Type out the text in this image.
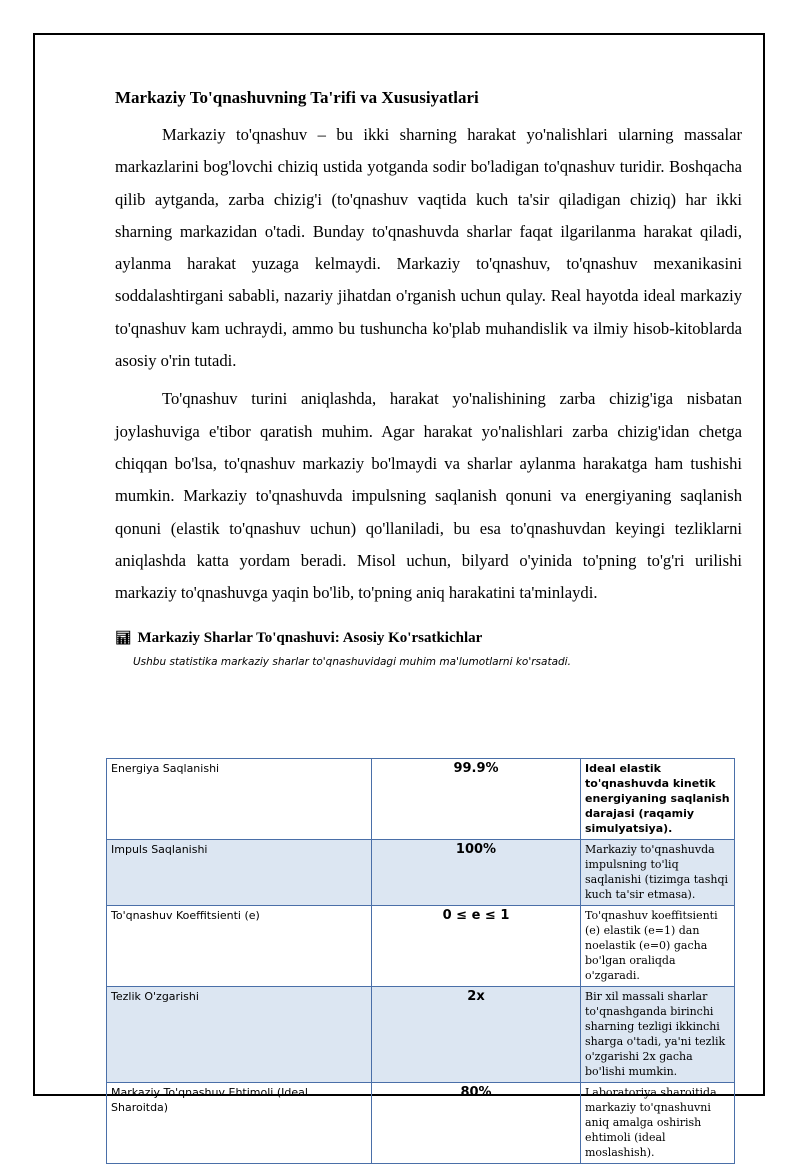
Markaziy To'qnashuvning Ta'rifi va Xususiyatlari

Markaziy to'qnashuv – bu ikki sharning harakat yo'nalishlari ularning massalar markazlarini bog'lovchi chiziq ustida yotganda sodir bo'ladigan to'qnashuv turidir. Boshqacha qilib aytganda, zarba chizig'i (to'qnashuv vaqtida kuch ta'sir qiladigan chiziq) har ikki sharning markazidan o'tadi. Bunday to'qnashuvda sharlar faqat ilgarilanma harakat qiladi, aylanma harakat yuzaga kelmaydi. Markaziy to'qnashuv, to'qnashuv mexanikasini soddalashtirgani sababli, nazariy jihatdan o'rganish uchun qulay. Real hayotda ideal markaziy to'qnashuv kam uchraydi, ammo bu tushuncha ko'plab muhandislik va ilmiy hisob-kitoblarda asosiy o'rin tutadi.

To'qnashuv turini aniqlashda, harakat yo'nalishining zarba chizig'iga nisbatan joylashuviga e'tibor qaratish muhim. Agar harakat yo'nalishlari zarba chizig'idan chetga chiqqan bo'lsa, to'qnashuv markaziy bo'lmaydi va sharlar aylanma harakatga ham tushishi mumkin. Markaziy to'qnashuvda impulsning saqlanish qonuni va energiyaning saqlanish qonuni (elastik to'qnashuv uchun) qo'llaniladi, bu esa to'qnashuvdan keyingi tezliklarni aniqlashda katta yordam beradi. Misol uchun, bilyard o'yinida to'pning to'g'ri urilishi markaziy to'qnashuvga yaqin bo'lib, to'pning aniq harakatini ta'minlaydi.

📊︎ Markaziy Sharlar To'qnashuvi: Asosiy Ko'rsatkichlar
Ushbu statistika markaziy sharlar to'qnashuvidagi muhim ma'lumotlarni ko'rsatadi.
Energiya Saqlanishi	99.9%	Ideal elastik to'qnashuvda kinetik energiyaning saqlanish darajasi (raqamiy simulyatsiya).
Impuls Saqlanishi	100%	Markaziy to'qnashuvda impulsning to'liq saqlanishi (tizimga tashqi kuch ta'sir etmasa).
To'qnashuv Koeffitsienti (e)	0 ≤ e ≤ 1	To'qnashuv koeffitsienti (e) elastik (e=1) dan noelastik (e=0) gacha bo'lgan oraliqda o'zgaradi.
Tezlik O'zgarishi	2x	Bir xil massali sharlar to'qnashganda birinchi sharning tezligi ikkinchi sharga o'tadi, ya'ni tezlik o'zgarishi 2x gacha bo'lishi mumkin.
Markaziy To'qnashuv Ehtimoli (Ideal Sharoitda)	80%	Laboratoriya sharoitida markaziy to'qnashuvni aniq amalga oshirish ehtimoli (ideal moslashish).
